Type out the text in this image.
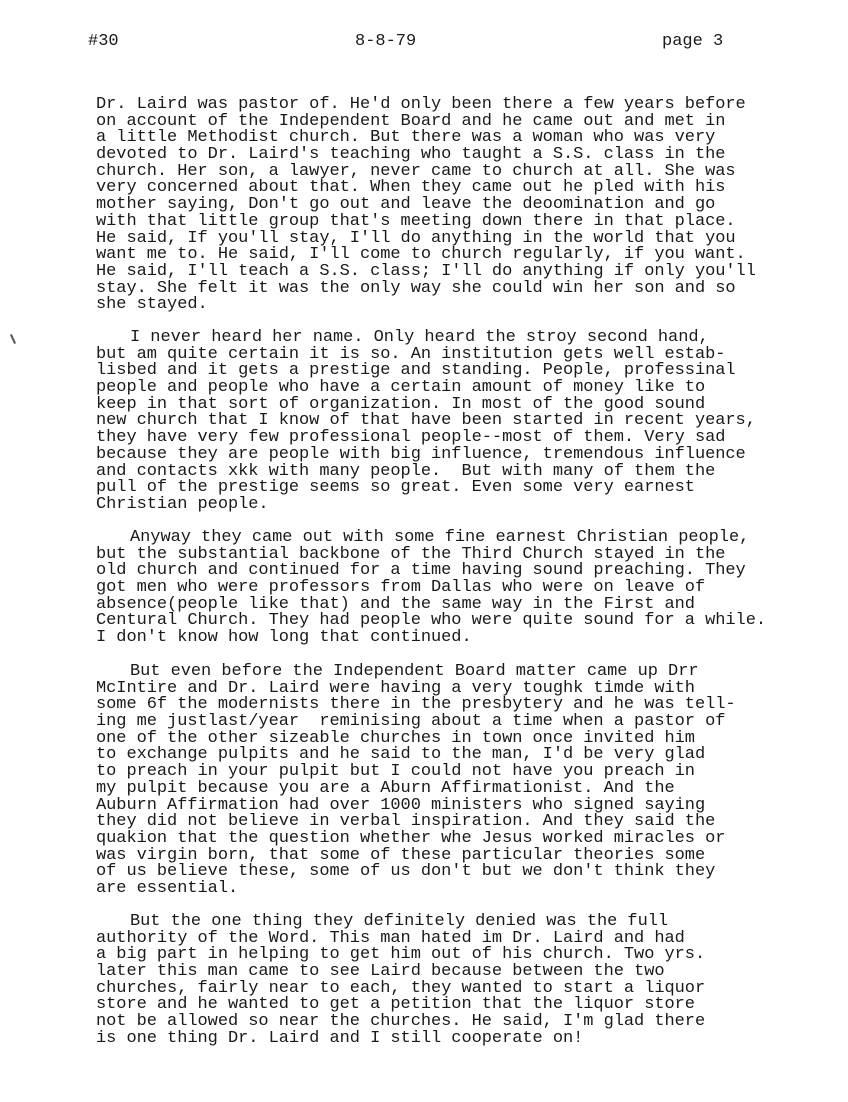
#30	8-8-79	page 3
Dr. Laird was pastor of. He'd only been there a few years before
on account of the Independent Board and he came out and met in
a little Methodist church. But there was a woman who was very
devoted to Dr. Laird's teaching who taught a S.S. class in the
church. Her son, a lawyer, never came to church at all. She was
very concerned about that. When they came out he pled with his
mother saying, Don't go out and leave the deoomination and go
with that little group that's meeting down there in that place.
He said, If you'll stay, I'll do anything in the world that you
want me to. He said, I'll come to church regularly, if you want.
He said, I'll teach a S.S. class; I'll do anything if only you'll
stay. She felt it was the only way she could win her son and so
she stayed.
I never heard her name. Only heard the stroy second hand,
but am quite certain it is so. An institution gets well estab-
lisbed and it gets a prestige and standing. People, professinal
people and people who have a certain amount of money like to
keep in that sort of organization. In most of the good sound
new church that I know of that have been started in recent years,
they have very few professional people--most of them. Very sad
because they are people with big influence, tremendous influence
and contacts xkk with many people.  But with many of them the
pull of the prestige seems so great. Even some very earnest
Christian people.
Anyway they came out with some fine earnest Christian people,
but the substantial backbone of the Third Church stayed in the
old church and continued for a time having sound preaching. They
got men who were professors from Dallas who were on leave of
absence(people like that) and the same way in the First and
Centural Church. They had people who were quite sound for a while.
I don't know how long that continued.
But even before the Independent Board matter came up Drr
McIntire and Dr. Laird were having a very toughk timde with
some 6f the modernists there in the presbytery and he was tell-
ing me justlast/year  reminising about a time when a pastor of
one of the other sizeable churches in town once invited him
to exchange pulpits and he said to the man, I'd be very glad
to preach in your pulpit but I could not have you preach in
my pulpit because you are a Aburn Affirmationist. And the
Auburn Affirmation had over 1000 ministers who signed saying
they did not believe in verbal inspiration. And they said the
quakion that the question whether whe Jesus worked miracles or
was virgin born, that some of these particular theories some
of us believe these, some of us don't but we don't think they
are essential.
But the one thing they definitely denied was the full
authority of the Word. This man hated im Dr. Laird and had
a big part in helping to get him out of his church. Two yrs.
later this man came to see Laird because between the two
churches, fairly near to each, they wanted to start a liquor
store and he wanted to get a petition that the liquor store
not be allowed so near the churches. He said, I'm glad there
is one thing Dr. Laird and I still cooperate on!
